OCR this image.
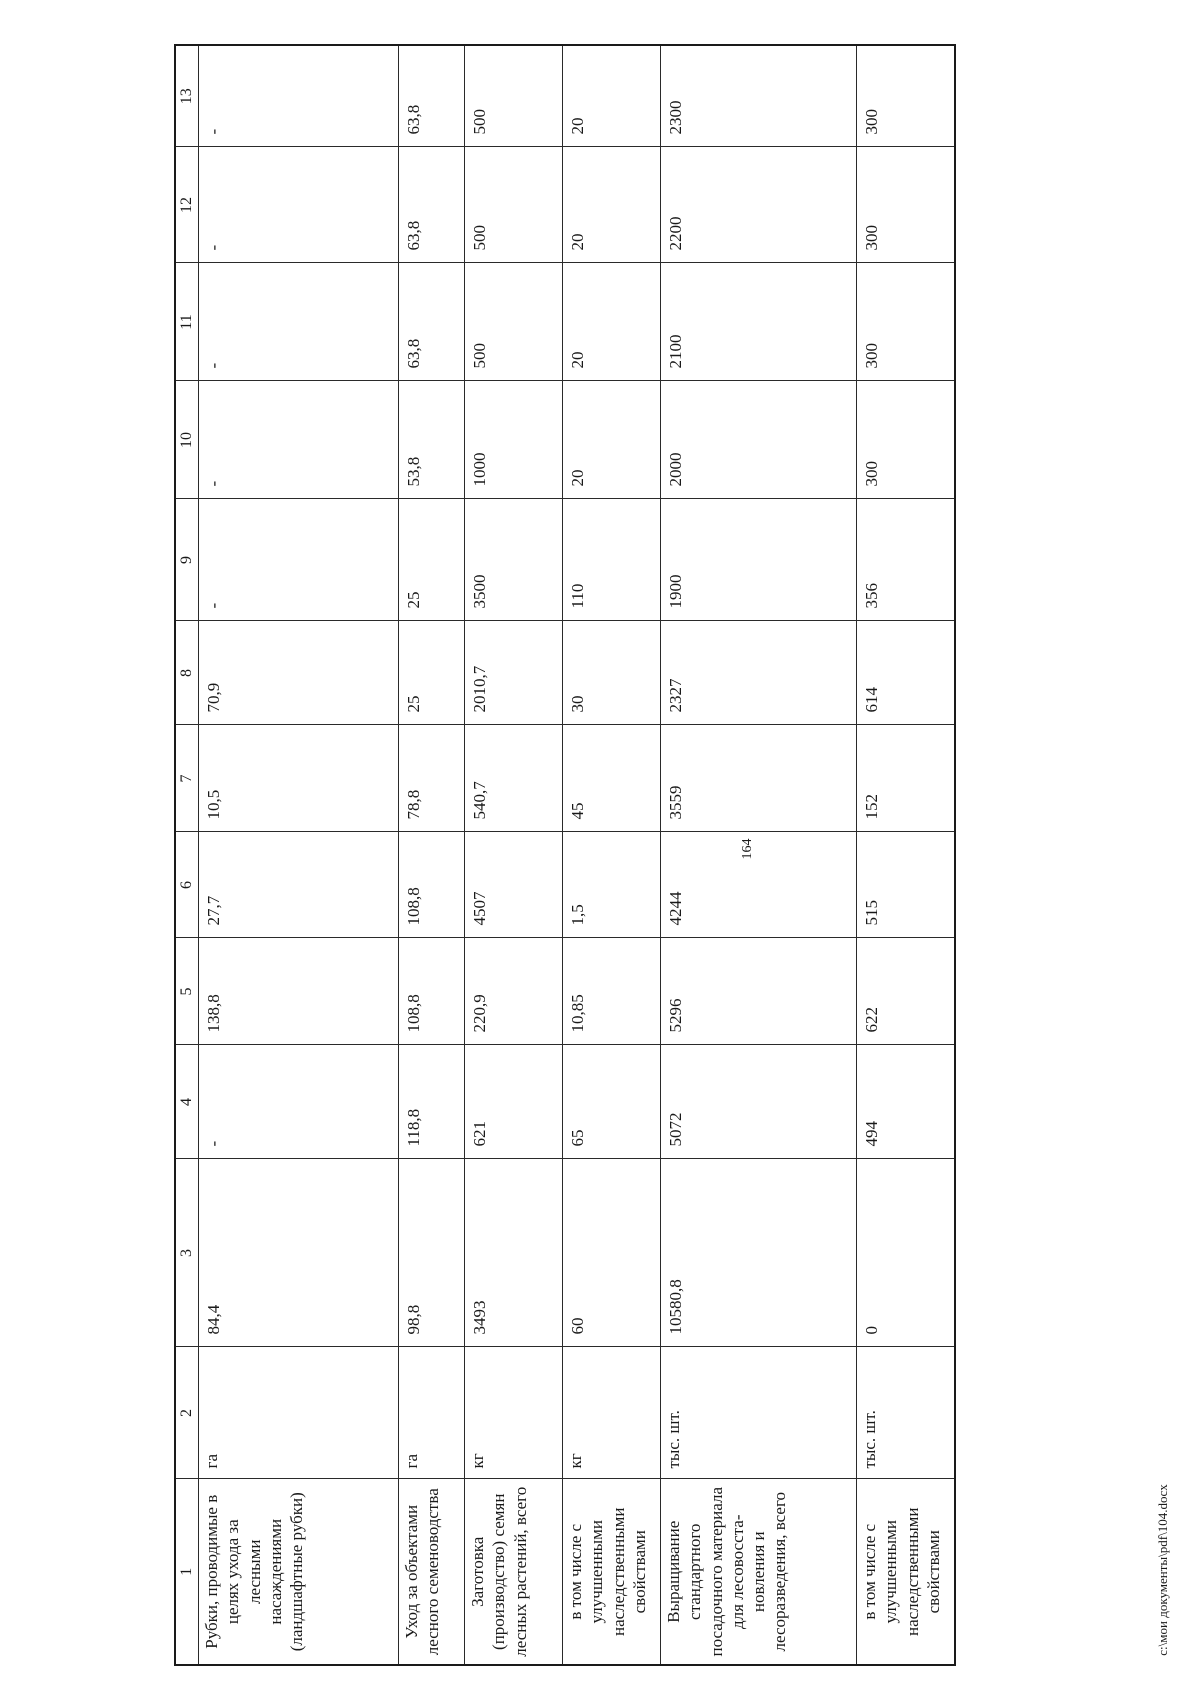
164
1	2	3	4	5	6	7	8	9	10	11	12	13
Рубки, проводимые в целях ухода за лесными насаждениями (ландшафтные рубки)	га	84,4	-	138,8	27,7	10,5	70,9	-	-	-	-	-
Уход за объектами лесного семеноводства	га	98,8	118,8	108,8	108,8	78,8	25	25	53,8	63,8	63,8	63,8
Заготовка (производство) семян лесных растений, всего	кг	3493	621	220,9	4507	540,7	2010,7	3500	1000	500	500	500
в том числе с улучшенными наследственными свойствами	кг	60	65	10,85	1,5	45	30	110	20	20	20	20
Выращивание стандартного посадочного материала для лесовосста-новления и лесоразведения, всего	тыс. шт.	10580,8	5072	5296	4244	3559	2327	1900	2000	2100	2200	2300
в том числе с улучшенными наследственными свойствами	тыс. шт.	0	494	622	515	152	614	356	300	300	300	300
c:\мои документы\pdf\104.docx
